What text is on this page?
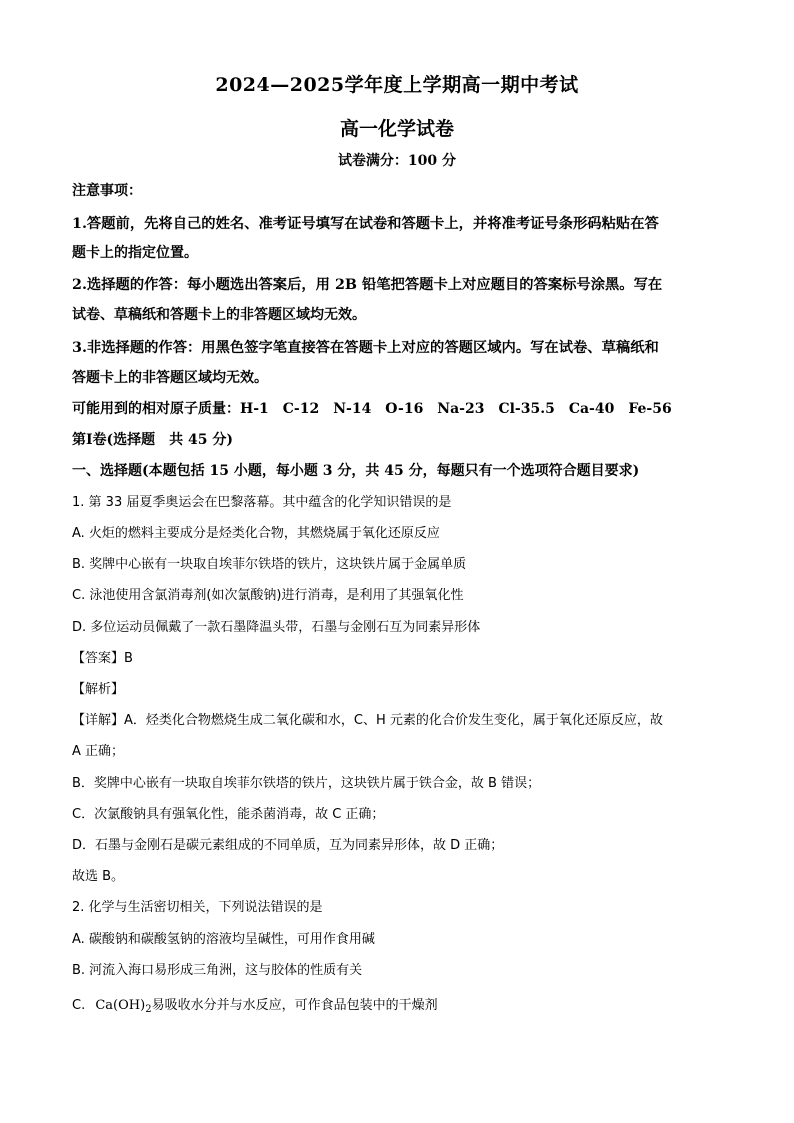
2024—2025学年度上学期高一期中考试
高一化学试卷
试卷满分：100 分
注意事项：
1.答题前，先将自己的姓名、准考证号填写在试卷和答题卡上，并将准考证号条形码粘贴在答
题卡上的指定位置。
2.选择题的作答：每小题选出答案后，用 2B 铅笔把答题卡上对应题目的答案标号涂黑。写在
试卷、草稿纸和答题卡上的非答题区域均无效。
3.非选择题的作答：用黑色签字笔直接答在答题卡上对应的答题区域内。写在试卷、草稿纸和
答题卡上的非答题区域均无效。
可能用到的相对原子质量：H-1　C-12　N-14　O-16　Na-23　Cl-35.5　Ca-40　Fe-56
第Ⅰ卷(选择题　共 45 分)
一、选择题(本题包括 15 小题，每小题 3 分，共 45 分，每题只有一个选项符合题目要求)
1. 第 33 届夏季奥运会在巴黎落幕。其中蕴含的化学知识错误的是
A. 火炬的燃料主要成分是烃类化合物，其燃烧属于氧化还原反应
B. 奖牌中心嵌有一块取自埃菲尔铁塔的铁片，这块铁片属于金属单质
C. 泳池使用含氯消毒剂(如次氯酸钠)进行消毒，是利用了其强氧化性
D. 多位运动员佩戴了一款石墨降温头带，石墨与金刚石互为同素异形体
【答案】B
【解析】
【详解】A．烃类化合物燃烧生成二氧化碳和水，C、H 元素的化合价发生变化，属于氧化还原反应，故
A 正确；
B．奖牌中心嵌有一块取自埃菲尔铁塔的铁片，这块铁片属于铁合金，故 B 错误；
C．次氯酸钠具有强氧化性，能杀菌消毒，故 C 正确；
D．石墨与金刚石是碳元素组成的不同单质，互为同素异形体，故 D 正确；
故选 B。
2. 化学与生活密切相关，下列说法错误的是
A. 碳酸钠和碳酸氢钠的溶液均呈碱性，可用作食用碱
B. 河流入海口易形成三角洲，这与胶体的性质有关
C. $Ca(OH)_2$易吸收水分并与水反应，可作食品包装中的干燥剂
